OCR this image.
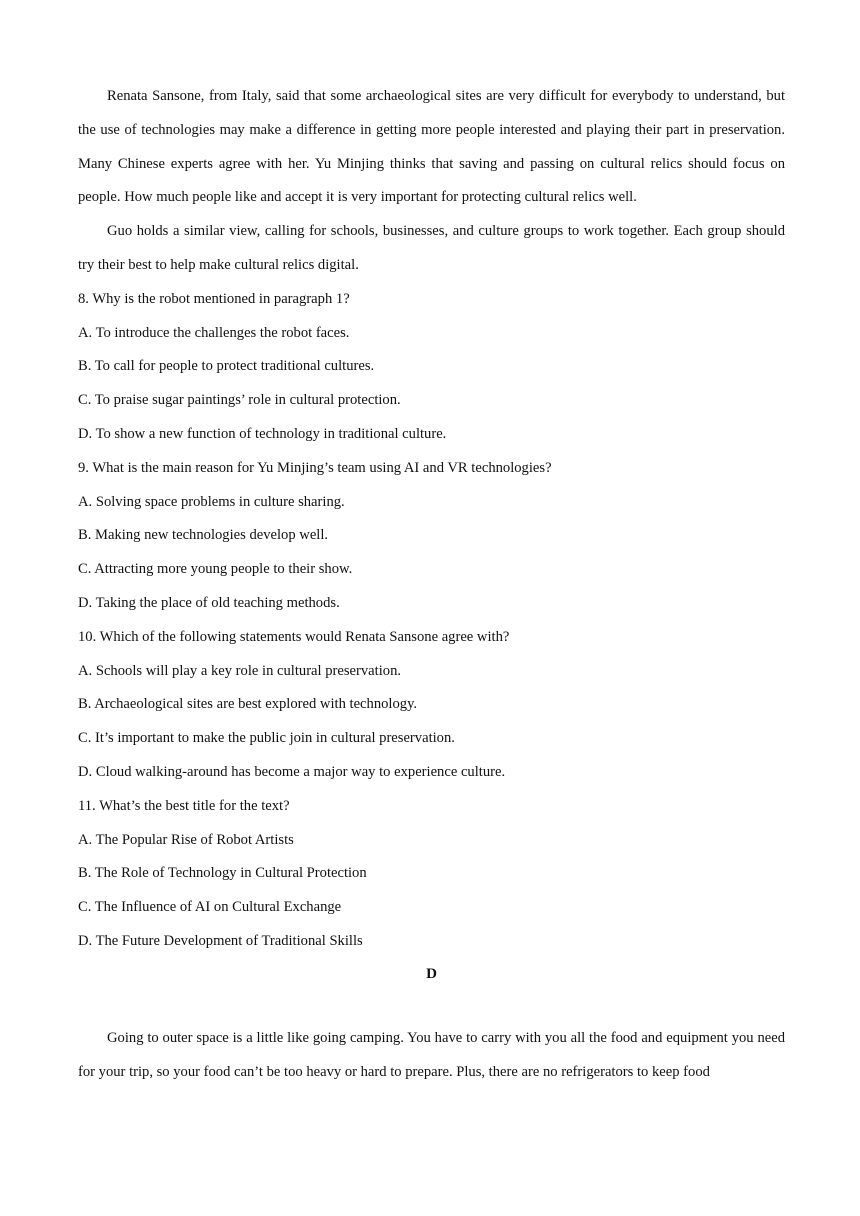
Renata Sansone, from Italy, said that some archaeological sites are very difficult for everybody to understand, but the use of technologies may make a difference in getting more people interested and playing their part in preservation. Many Chinese experts agree with her. Yu Minjing thinks that saving and passing on cultural relics should focus on people. How much people like and accept it is very important for protecting cultural relics well.

Guo holds a similar view, calling for schools, businesses, and culture groups to work together. Each group should try their best to help make cultural relics digital.

8. Why is the robot mentioned in paragraph 1?

A. To introduce the challenges the robot faces.

B. To call for people to protect traditional cultures.

C. To praise sugar paintings’ role in cultural protection.

D. To show a new function of technology in traditional culture.

9. What is the main reason for Yu Minjing’s team using AI and VR technologies?

A. Solving space problems in culture sharing.

B. Making new technologies develop well.

C. Attracting more young people to their show.

D. Taking the place of old teaching methods.

10. Which of the following statements would Renata Sansone agree with?

A. Schools will play a key role in cultural preservation.

B. Archaeological sites are best explored with technology.

C. It’s important to make the public join in cultural preservation.

D. Cloud walking-around has become a major way to experience culture.

11. What’s the best title for the text?

A. The Popular Rise of Robot Artists

B. The Role of Technology in Cultural Protection

C. The Influence of AI on Cultural Exchange

D. The Future Development of Traditional Skills

D

Going to outer space is a little like going camping. You have to carry with you all the food and equipment you need for your trip, so your food can’t be too heavy or hard to prepare. Plus, there are no refrigerators to keep food
